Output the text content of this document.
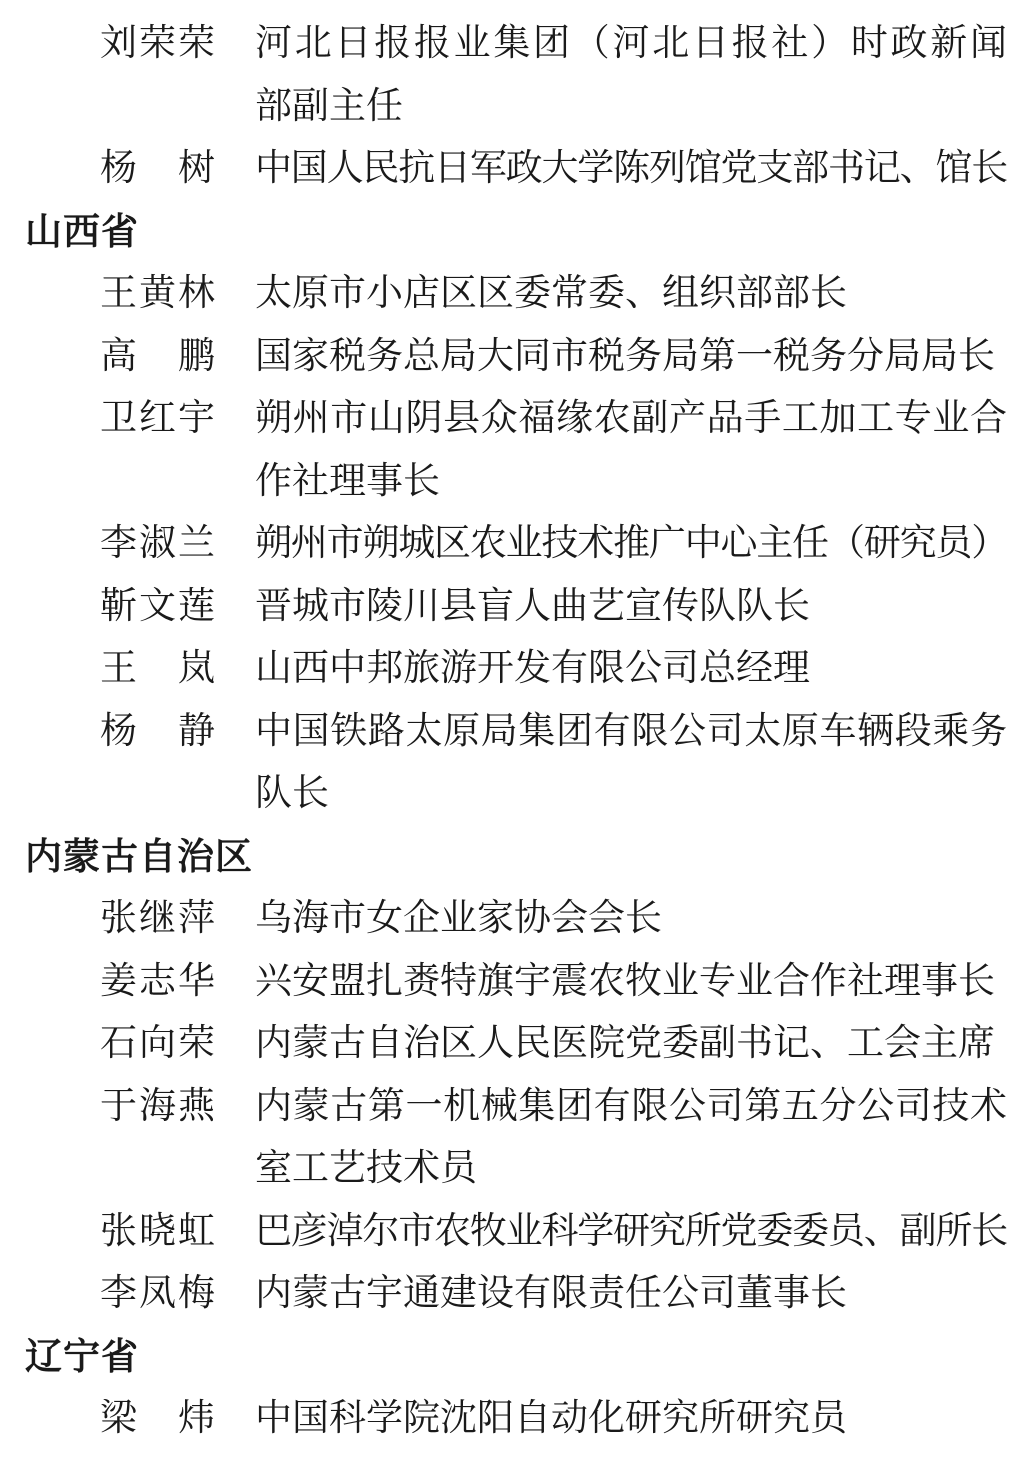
刘 荣 荣 河北日报报业集团（河北日报社）时政新闻
部副主任
杨 树 中国人民抗日军政大学陈列馆党支部书记、馆长
山西省
王 黄 林 太原市小店区区委常委、组织部部长
高 鹏 国家税务总局大同市税务局第一税务分局局长
卫 红 宇 朔州市山阴县众福缘农副产品手工加工专业合
作社理事长
李 淑 兰 朔州市朔城区农业技术推广中心主任（研究员）
靳 文 莲 晋城市陵川县盲人曲艺宣传队队长
王 岚 山西中邦旅游开发有限公司总经理
杨 静 中国铁路太原局集团有限公司太原车辆段乘务
队长
内蒙古自治区
张 继 萍 乌海市女企业家协会会长
姜 志 华 兴安盟扎赉特旗宇震农牧业专业合作社理事长
石 向 荣 内蒙古自治区人民医院党委副书记、工会主席
于 海 燕 内蒙古第一机械集团有限公司第五分公司技术
室工艺技术员
张 晓 虹 巴彦淖尔市农牧业科学研究所党委委员、副所长
李 凤 梅 内蒙古宇通建设有限责任公司董事长
辽宁省
梁 炜 中国科学院沈阳自动化研究所研究员
